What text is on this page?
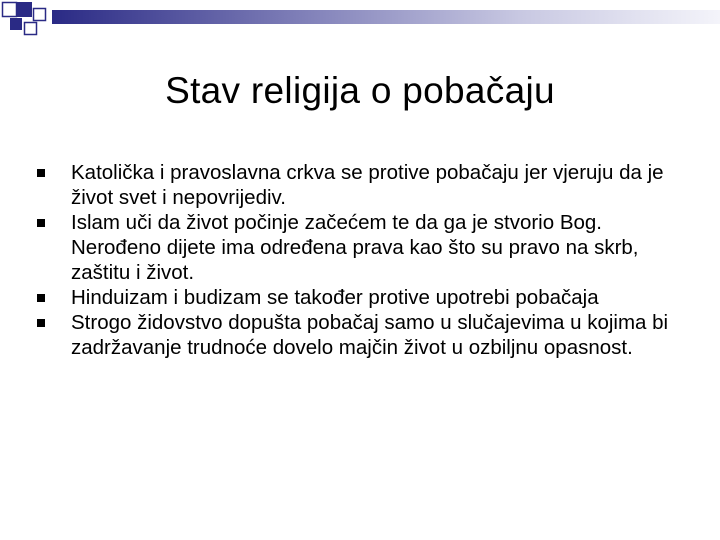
Stav religija o pobačaju
Katolička i pravoslavna crkva se protive pobačaju jer vjeruju da je život svet i nepovrijediv.
Islam uči da život počinje začećem te da ga je stvorio Bog. Nerođeno dijete ima određena prava kao što su pravo na skrb, zaštitu i život.
Hinduizam i budizam se također protive upotrebi pobačaja
Strogo židovstvo dopušta pobačaj samo u slučajevima u kojima bi zadržavanje trudnoće dovelo majčin život u ozbiljnu opasnost.
